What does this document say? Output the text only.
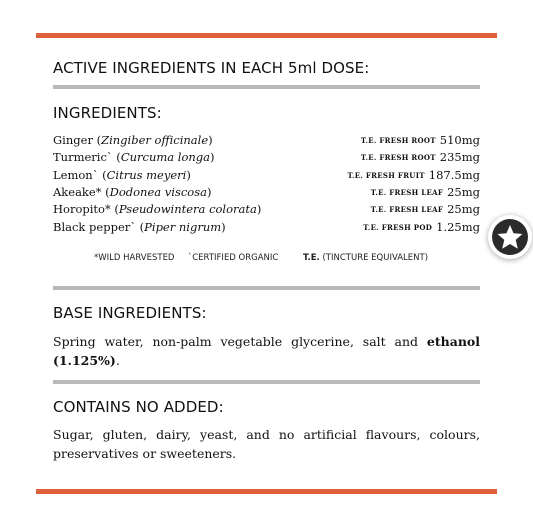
ACTIVE INGREDIENTS IN EACH 5ml DOSE:
INGREDIENTS:
Ginger (Zingiber officinale)	T.E. FRESH ROOT 510mg
Turmeric` (Curcuma longa)	T.E. FRESH ROOT 235mg
Lemon` (Citrus meyeri)	T.E. FRESH FRUIT 187.5mg
Akeake* (Dodonea viscosa)	T.E. FRESH LEAF 25mg
Horopito* (Pseudowintera colorata)	T.E. FRESH LEAF 25mg
Black pepper` (Piper nigrum)	T.E. FRESH POD 1.25mg
*WILD HARVESTED `CERTIFIED ORGANIC	T.E. (TINCTURE EQUIVALENT)
BASE INGREDIENTS:
Spring water, non-palm vegetable glycerine, salt and ethanol (1.125%).
CONTAINS NO ADDED:
Sugar, gluten, dairy, yeast, and no artificial flavours, colours, preservatives or sweeteners.
